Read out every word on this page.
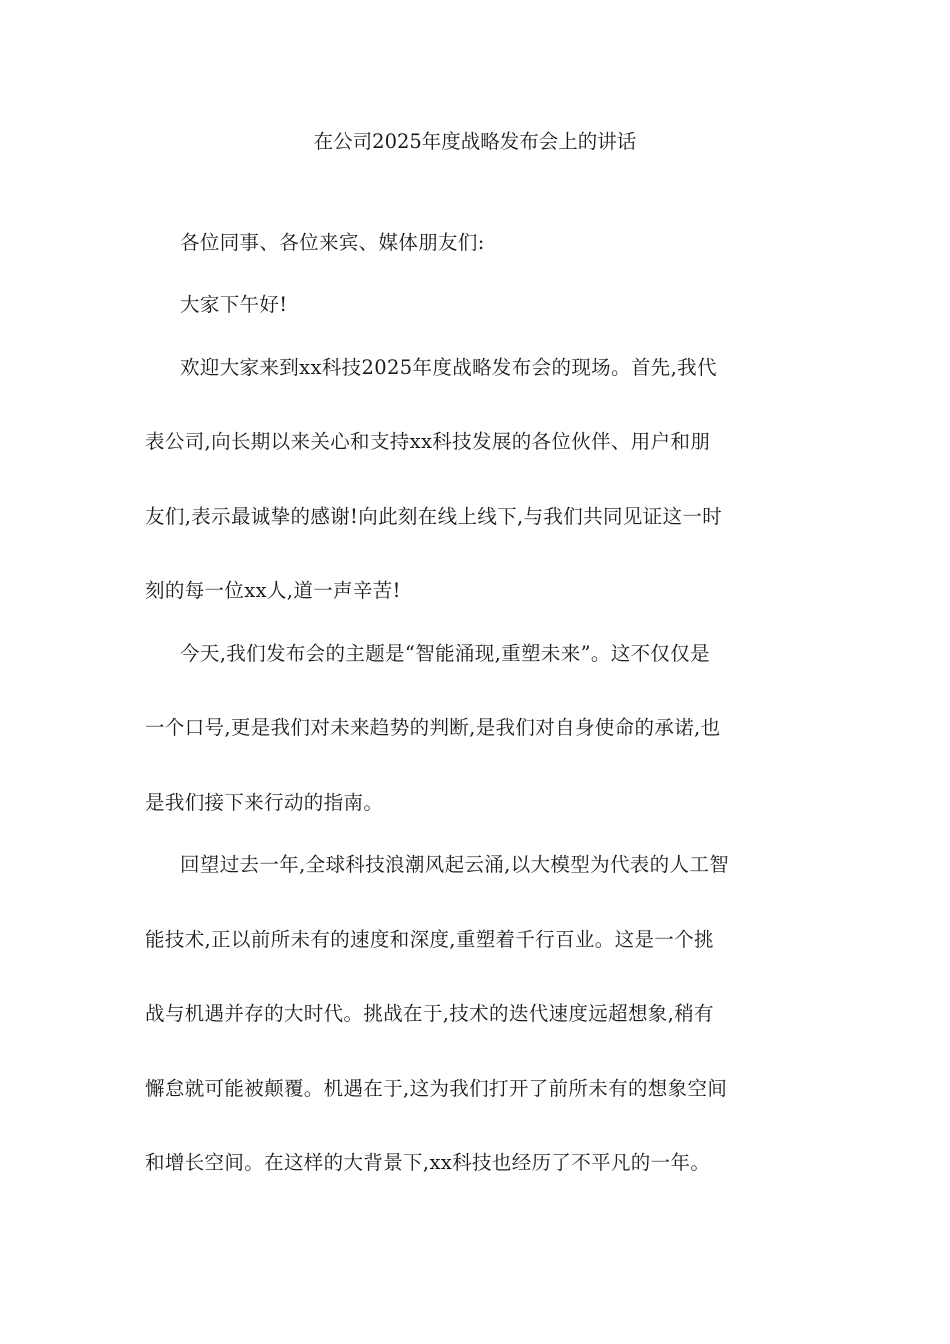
在公司2025年度战略发布会上的讲话
各位同事、各位来宾、媒体朋友们:
大家下午好!
欢迎大家来到xx科技2025年度战略发布会的现场。首先,我代
表公司,向长期以来关心和支持xx科技发展的各位伙伴、用户和朋
友们,表示最诚挚的感谢!向此刻在线上线下,与我们共同见证这一时
刻的每一位xx人,道一声辛苦!
今天,我们发布会的主题是“智能涌现,重塑未来”。这不仅仅是
一个口号,更是我们对未来趋势的判断,是我们对自身使命的承诺,也
是我们接下来行动的指南。
回望过去一年,全球科技浪潮风起云涌,以大模型为代表的人工智
能技术,正以前所未有的速度和深度,重塑着千行百业。这是一个挑
战与机遇并存的大时代。挑战在于,技术的迭代速度远超想象,稍有
懈怠就可能被颠覆。机遇在于,这为我们打开了前所未有的想象空间
和增长空间。在这样的大背景下,xx科技也经历了不平凡的一年。
